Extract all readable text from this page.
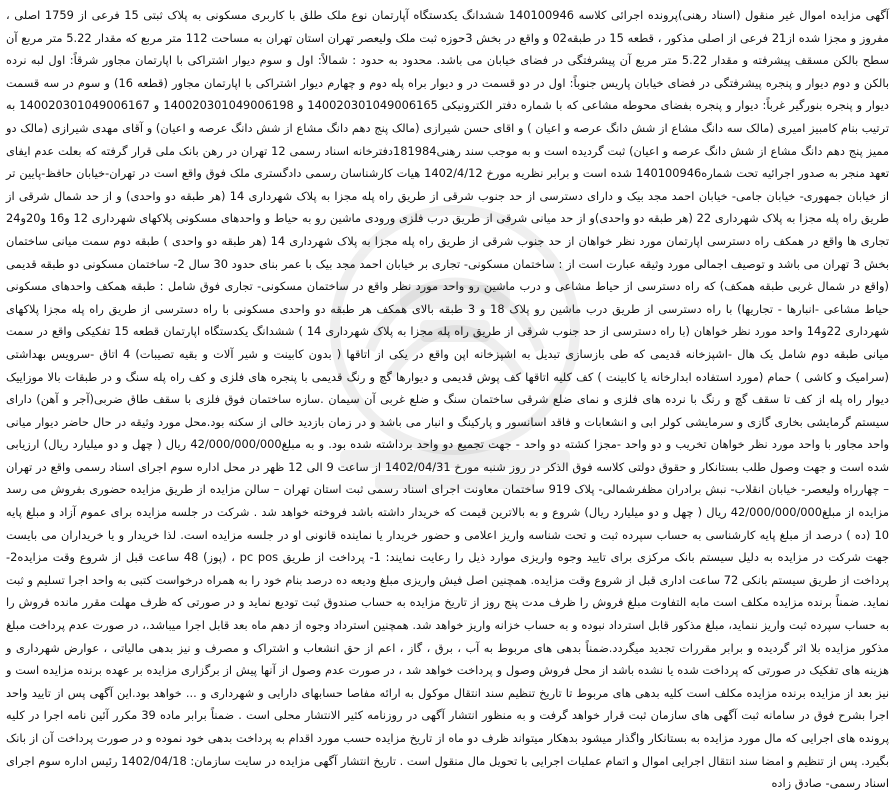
آگهی مزایده اموال غیر منقول (اسناد رهنی)پرونده اجرائی کلاسه 140100946 ششدانگ یکدستگاه آپارتمان نوع ملک طلق با کاربری مسکونی به پلاک ثبتی 15 فرعی از 1759 اصلی ، مفروز و مجزا شده از21 فرعی از اصلی مذکور ، قطعه 15 در طبقه02 و واقع در بخش 3حوزه ثبت ملک ولیعصر تهران استان تهران به مساحت 112 متر مربع که مقدار 5.22 متر مربع آن سطح بالکن مسقف پیشرفته و مقدار 5.22 متر مربع آن پیشرفتگی در فضای خیابان می باشد. محدود به حدود : شمالاً: اول و سوم دیوار اشتراکی با اپارتمان مجاور شرقاً: اول لبه نرده بالکن و دوم دیوار و پنجره پیشرفتگی در فضای خیابان پاریس جنوباً: اول در دو قسمت در و دیوار براه پله دوم و چهارم دیوار اشتراکی با اپارتمان مجاور (قطعه 16) و سوم در سه قسمت دیوار و پنجره بنورگیر غرباً: دیوار و پنجره بفضای محوطه مشاعی که با شماره دفتر الکترونیکی 140020301049006165 و 140020301049006198 و 140020301049006167 به ترتیب بنام کامبیز امیری (مالک سه دانگ مشاع از شش دانگ عرصه و اعیان ) و اقای حسن شیرازی (مالک پنج دهم دانگ مشاع از شش دانگ عرصه و اعیان) و آقای مهدی شیرازی (مالک دو ممیز پنج دهم دانگ مشاع از شش دانگ عرصه و اعیان) ثبت گردیده است و به موجب سند رهنی181984دفترخانه اسناد رسمی 12 تهران در رهن بانک ملی قرار گرفته که بعلت عدم ایفای تعهد منجر به صدور اجرائیه تحت شماره140100946 شده است و برابر نظریه مورخ 1402/4/12 هیات کارشناسان رسمی دادگستری ملک فوق واقع است در تهران-خیابان حافظ-پایین تر از خیابان جمهوری- خیابان جامی- خیابان احمد مجد بیک و دارای دسترسی از حد جنوب شرقی از طریق راه پله مجزا به پلاک شهرداری 14 (هر طبقه دو واحدی) و از حد شمال شرقی از طریق راه پله مجزا به پلاک شهرداری 22 (هر طبقه دو واحدی)و از حد میانی شرقی از طریق درب فلزی ورودی ماشین رو به حیاط و واحدهای مسکونی پلاکهای شهرداری 12 و16 و20و24 تجاری ها واقع در همکف راه دسترسی اپارتمان مورد نظر خواهان از حد جنوب شرقی از طریق راه پله مجزا به پلاک شهرداری 14 (هر طبقه دو واحدی ) طبقه دوم سمت میانی ساختمان بخش 3 تهران می باشد و توصیف اجمالی مورد وثیقه عبارت است از : ساختمان مسکونی- تجاری بر خیابان احمد مجد بیک با عمر بنای حدود 30 سال 2- ساختمان مسکونی دو طبقه قدیمی (واقع در شمال غربی طبقه همکف) که راه دسترسی از حیاط مشاعی و درب ماشین رو واحد مورد نظر واقع در ساختمان مسکونی- تجاری فوق شامل : طبقه همکف واحدهای مسکونی حیاط مشاعی -انبارها - تجاریها) با راه دسترسی از طریق درب ماشین رو پلاک 18 و 3 طبقه بالای همکف هر طبقه دو واحدی مسکونی با راه دسترسی از طریق راه پله مجزا پلاکهای شهرداری 22و14 واحد مورد نظر خواهان (با راه دسترسی از حد جنوب شرقی از طریق راه پله مجزا به پلاک شهرداری 14 ) ششدانگ یکدستگاه اپارتمان قطعه 15 تفکیکی واقع در سمت میانی طبقه دوم شامل یک هال -اشپزخانه قدیمی که طی بازسازی تبدیل به اشپزخانه اپن واقع در یکی از اتاقها ( بدون کابینت و شیر آلات و بقیه تصیبات) 4 اتاق -سرویس بهداشتی (سرامیک و کاشی ) حمام (مورد استفاده ابدارخانه یا کابینت ) کف کلیه اتاقها کف پوش قدیمی و دیوارها گچ و رنگ قدیمی با پنجره های فلزی و کف راه پله سنگ و در طبقات بالا موزاییک دیوار راه پله از کف تا سقف گچ و رنگ با نرده های فلزی و نمای ضلع شرقی ساختمان سنگ و ضلع غربی آن سیمان .سازه ساختمان فوق فلزی با سقف طاق ضربی(آجر و آهن) دارای سیستم گرمایشی بخاری گازی و سرمایشی کولر ابی و انشعابات و فاقد اسانسور و پارکینگ و انبار می باشد و در زمان بازدید خالی از سکنه بود.محل مورد وثیقه در حال حاضر دیوار میانی واحد مجاور با واحد مورد نظر خواهان تخریب و دو واحد -مجزا کشته دو واحد - جهت تجمیع دو واحد برداشته شده بود. و به مبلغ42/000/000/000 ریال ( چهل و دو میلیارد ریال) ارزیابی شده است و جهت وصول طلب بستانکار و حقوق دولتی کلاسه فوق الذکر در روز شنبه مورخ 1402/04/31 از ساعت 9 الی 12 ظهر در محل اداره سوم اجرای اسناد رسمی واقع در تهران – چهارراه ولیعصر- خیابان انقلاب- نبش برادران مظفرشمالی- پلاک 919 ساختمان معاونت اجرای اسناد رسمی ثبت استان تهران – سالن مزایده از طریق مزایده حضوری بفروش می رسد مزایده از مبلغ42/000/000/000 ریال ( چهل و دو میلیارد ریال) شروع و به بالاترین قیمت که خریدار داشته باشد فروخته خواهد شد . شرکت در جلسه مزایده برای عموم آزاد و مبلغ پایه 10 (ده ) درصد از مبلغ پایه کارشناسی به حساب سپرده ثبت و تحت شناسه واریز اعلامی و حضور خریدار یا نماینده قانونی او در جلسه مزایده است. لذا خریدار و یا خریداران می بایست جهت شرکت در مزایده به دلیل سیستم بانک مرکزی برای تایید وجوه واریزی موارد ذیل را رعایت نمایند: 1- پرداخت از طریق pc pos ، (پوز) 48 ساعت قبل از شروع وقت مزایده2- پرداخت از طریق سیستم بانکی 72 ساعت اداری قبل از شروع وقت مزایده. همچنین اصل فیش واریزی مبلغ ودیعه ده درصد بنام خود را به همراه درخواست کتبی به واحد اجرا تسلیم و ثبت نماید. ضمناً برنده مزایده مکلف است مابه التفاوت مبلغ فروش را ظرف مدت پنج روز از تاریخ مزایده به حساب صندوق ثبت تودیع نماید و در صورتی که ظرف مهلت مقرر مانده فروش را به حساب سپرده ثبت واریز ننماید، مبلغ مذکور قابل استرداد نبوده و به حساب خزانه واریز خواهد شد. همچنین استرداد وجوه از دهم ماه بعد قابل اجرا میباشد.، در صورت عدم پرداخت مبلغ مذکور مزایده بلا اثر گردیده و برابر مقررات تجدید میگردد.ضمناً بدهی های مربوط به آب ، برق ، گاز ، اعم از حق انشعاب و اشتراک و مصرف و نیز بدهی مالیاتی ، عوارض شهرداری و هزینه های تفکیک در صورتی که پرداخت شده یا نشده باشد از محل فروش وصول و پرداخت خواهد شد ، در صورت عدم وصول از آنها پیش از برگزاری مزایده بر عهده برنده مزایده است و نیز بعد از مزایده برنده مزایده مکلف است کلیه بدهی های مربوط تا تاریخ تنظیم سند انتقال موکول به ارائه مفاصا حسابهای دارایی و شهرداری و ... خواهد بود.این آگهی پس از تایید واحد اجرا بشرح فوق در سامانه ثبت آگهی های سازمان ثبت قرار خواهد گرفت و به منظور انتشار آگهی در روزنامه کثیر الانتشار محلی است . ضمناً برابر ماده 39 مکرر آئین نامه اجرا در کلیه پرونده های اجرایی که مال مورد مزایده به بستانکار واگذار میشود بدهکار میتواند ظرف دو ماه از تاریخ مزایده حسب مورد اقدام به پرداخت بدهی خود نموده و در صورت پرداخت آن از بانک بگیرد. پس از تنظیم و امضا سند انتقال اجرایی اموال و اتمام عملیات اجرایی با تحویل مال منقول است . تاریخ انتشار آگهی مزایده در سایت سازمان: 1402/04/18 رئیس اداره سوم اجرای اسناد رسمی- صادق زاده
